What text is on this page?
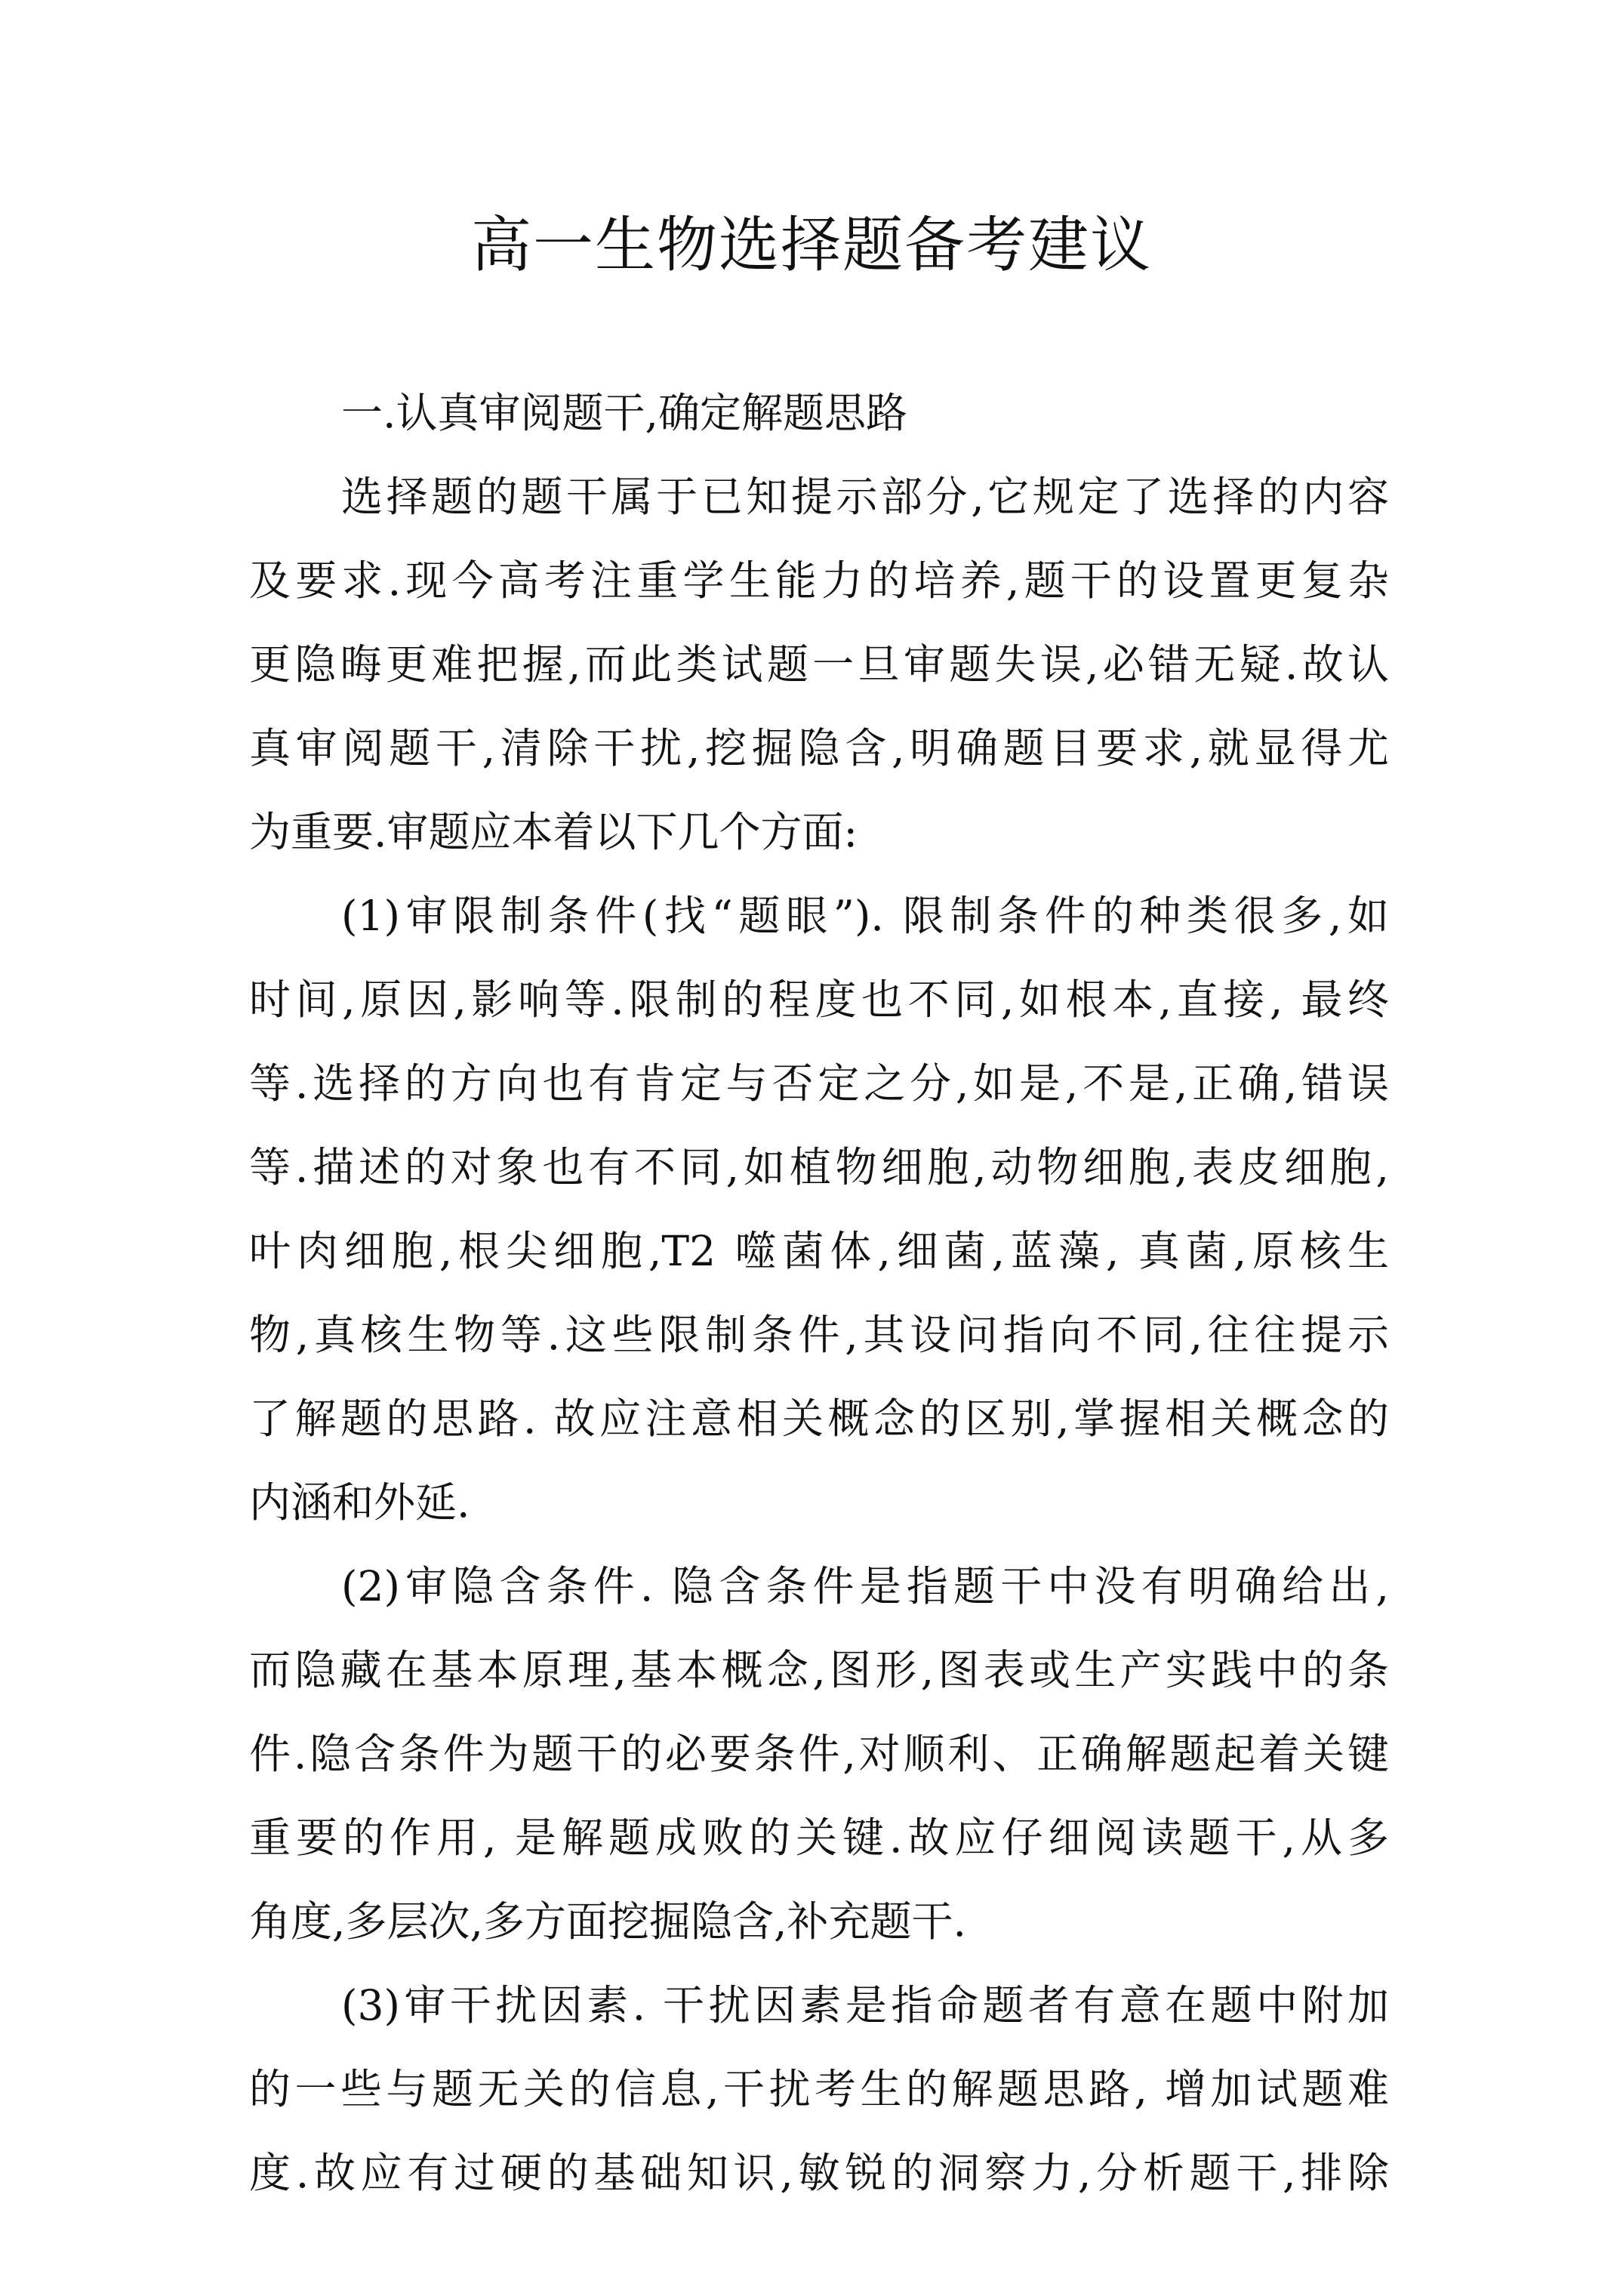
高一生物选择题备考建议
一.认真审阅题干,确定解题思路
选择题的题干属于已知提示部分,它规定了选择的内容
及要求.现今高考注重学生能力的培养,题干的设置更复杂
更隐晦更难把握,而此类试题一旦审题失误,必错无疑.故认
真审阅题干,清除干扰,挖掘隐含,明确题目要求,就显得尤
为重要.审题应本着以下几个方面:
(1)审限制条件(找“题眼”). 限制条件的种类很多,如
时间,原因,影响等.限制的程度也不同,如根本,直接, 最终
等.选择的方向也有肯定与否定之分,如是,不是,正确,错误
等.描述的对象也有不同,如植物细胞,动物细胞,表皮细胞,
叶肉细胞,根尖细胞,T2 噬菌体,细菌,蓝藻, 真菌,原核生
物,真核生物等.这些限制条件,其设问指向不同,往往提示
了解题的思路. 故应注意相关概念的区别,掌握相关概念的
内涵和外延.
(2)审隐含条件. 隐含条件是指题干中没有明确给出,
而隐藏在基本原理,基本概念,图形,图表或生产实践中的条
件.隐含条件为题干的必要条件,对顺利、正确解题起着关键
重要的作用, 是解题成败的关键.故应仔细阅读题干,从多
角度,多层次,多方面挖掘隐含,补充题干.
(3)审干扰因素. 干扰因素是指命题者有意在题中附加
的一些与题无关的信息,干扰考生的解题思路, 增加试题难
度.故应有过硬的基础知识,敏锐的洞察力,分析题干,排除
